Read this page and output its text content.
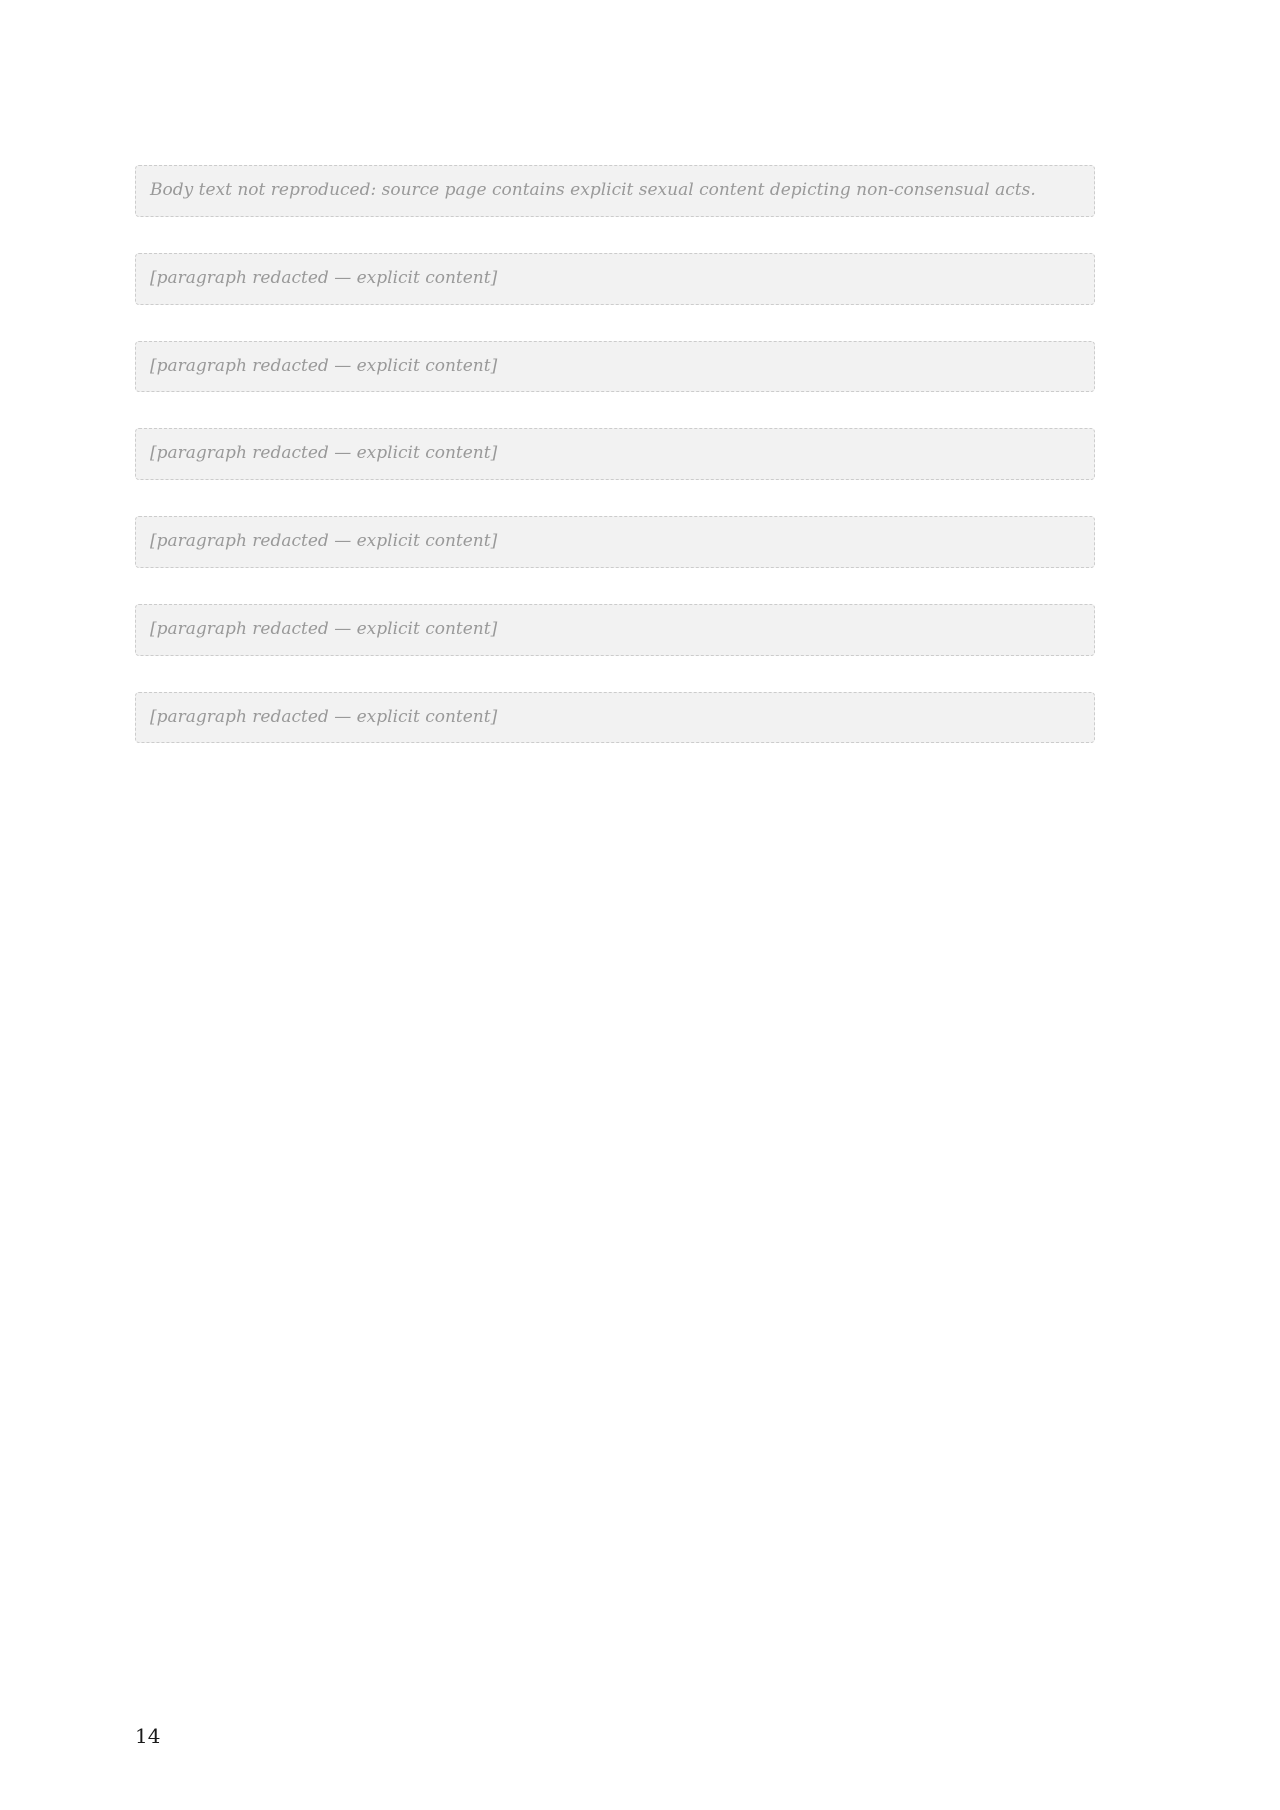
Body text not reproduced: source page contains explicit sexual content depicting non-consensual acts.
[paragraph redacted — explicit content]
[paragraph redacted — explicit content]
[paragraph redacted — explicit content]
[paragraph redacted — explicit content]
[paragraph redacted — explicit content]
[paragraph redacted — explicit content]
14
